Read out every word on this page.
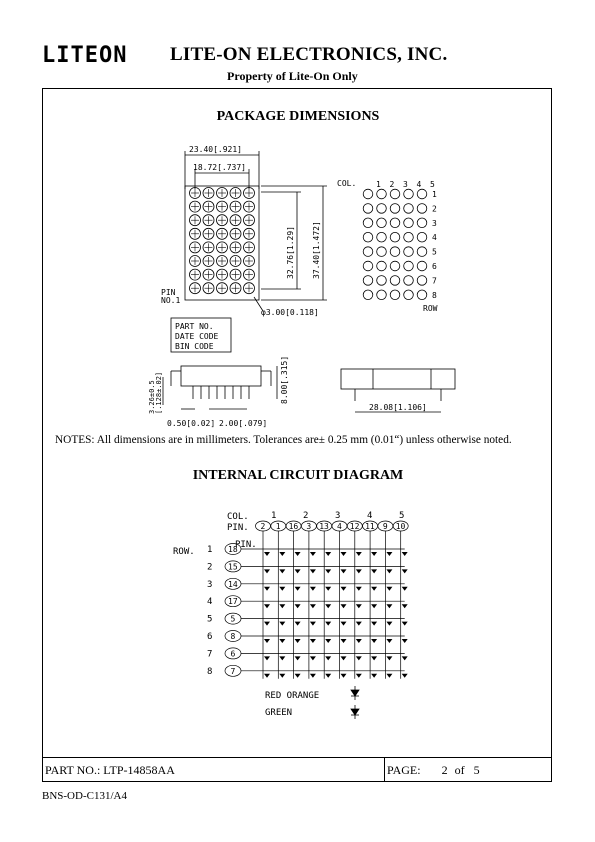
LITEON LITE-ON ELECTRONICS, INC.
Property of Lite-On Only
PACKAGE DIMENSIONS
1 2 3 4 5
1
2
3
4
5
6
7
8
23.40[.921]
18.72[.737]
32.76[1.29] 37.40[1.472]
φ3.00[0.118]
PIN
NO.1
PART NO.
DATE CODE
BIN CODE
8.00[.315]
3.26±0.5 [.128±.02]
0.50[0.02] 2.00[.079]
28.08[1.106]
COL.
ROW
NOTES: All dimensions are in millimeters. Tolerances are± 0.25 mm (0.01“) unless otherwise noted.
INTERNAL CIRCUIT DIAGRAM
COL.
PIN.
PIN.
ROW.
RED ORANGE
GREEN
1	2	3	4	5
2 1 16 3 13 4 12 11 9 10
1 18
2 15
3 14
4 17
5 5
6 8
7 6
8 7
PART NO.: LTP-14858AA	PAGE: 2 of 5
BNS-OD-C131/A4
